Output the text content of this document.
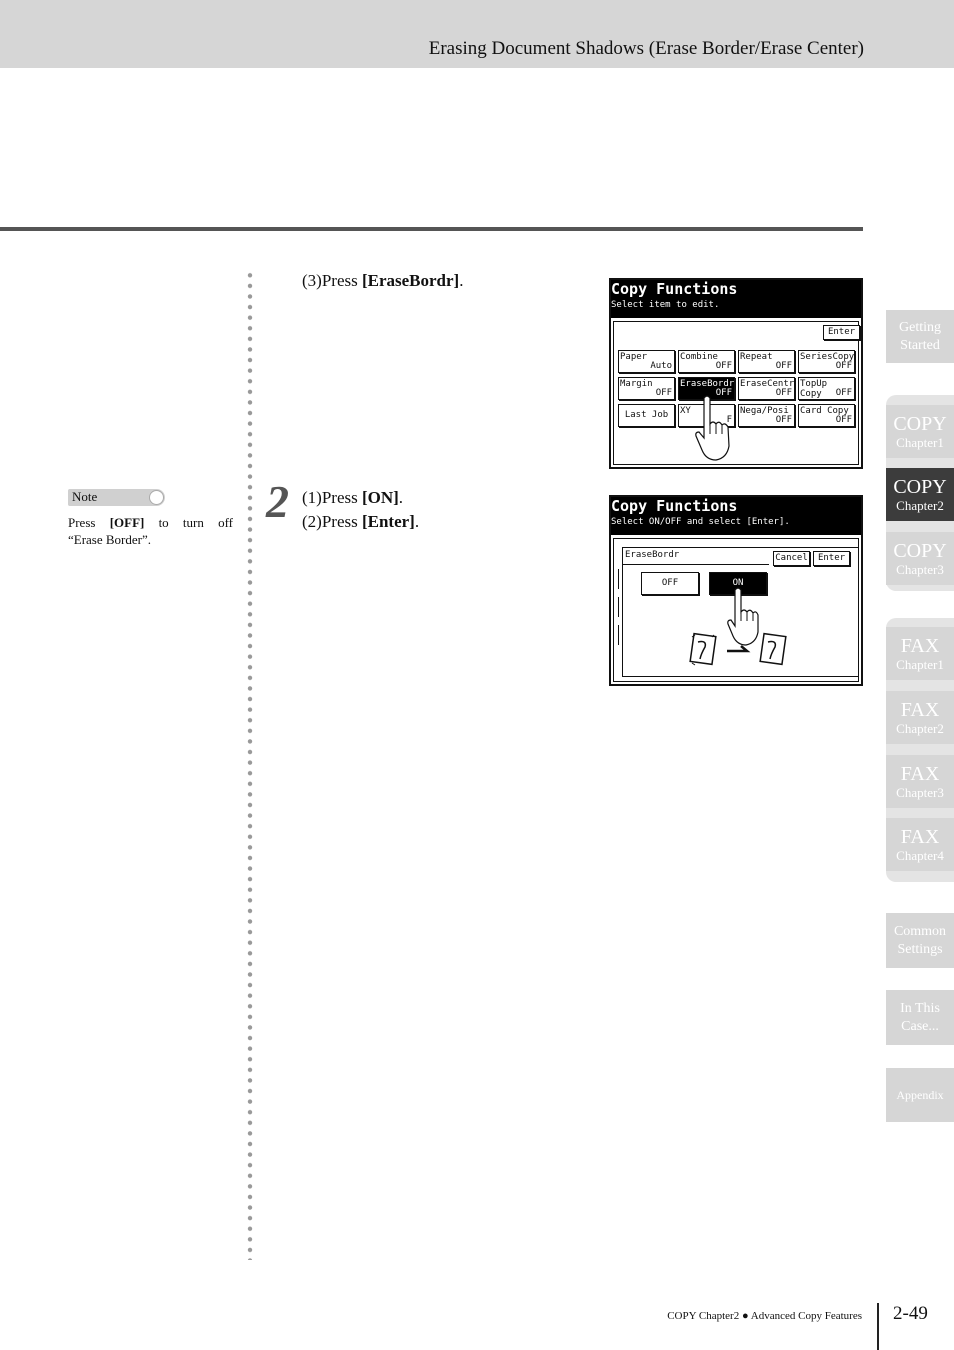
Erasing Document Shadows (Erase Border/Erase Center)
(3)Press [EraseBordr].
2 (1)Press [ON].
(2)Press [Enter].
Note
Press [OFF] to turn off
“Erase Border”.
Copy Functions
Select item to edit.
Enter
Paper
Auto
Combine
OFF
Repeat
OFF
SeriesCopy
OFF
Margin
OFF
EraseBordr
OFF
EraseCentr
OFF
TopUp Copy OFF
Last Job	XY
F
Nega/Posi
OFF
Card Copy
OFF
Copy Functions
Select ON/OFF and select [Enter].
EraseBordr	Cancel	Enter
OFF	ON
Getting
Started
COPY
Chapter1
COPY
Chapter2
COPY
Chapter3
FAX
Chapter1
FAX
Chapter2
FAX
Chapter3
FAX
Chapter4
Common
Settings
In This
Case...
Appendix
COPY Chapter2 ● Advanced Copy Features 2-49
